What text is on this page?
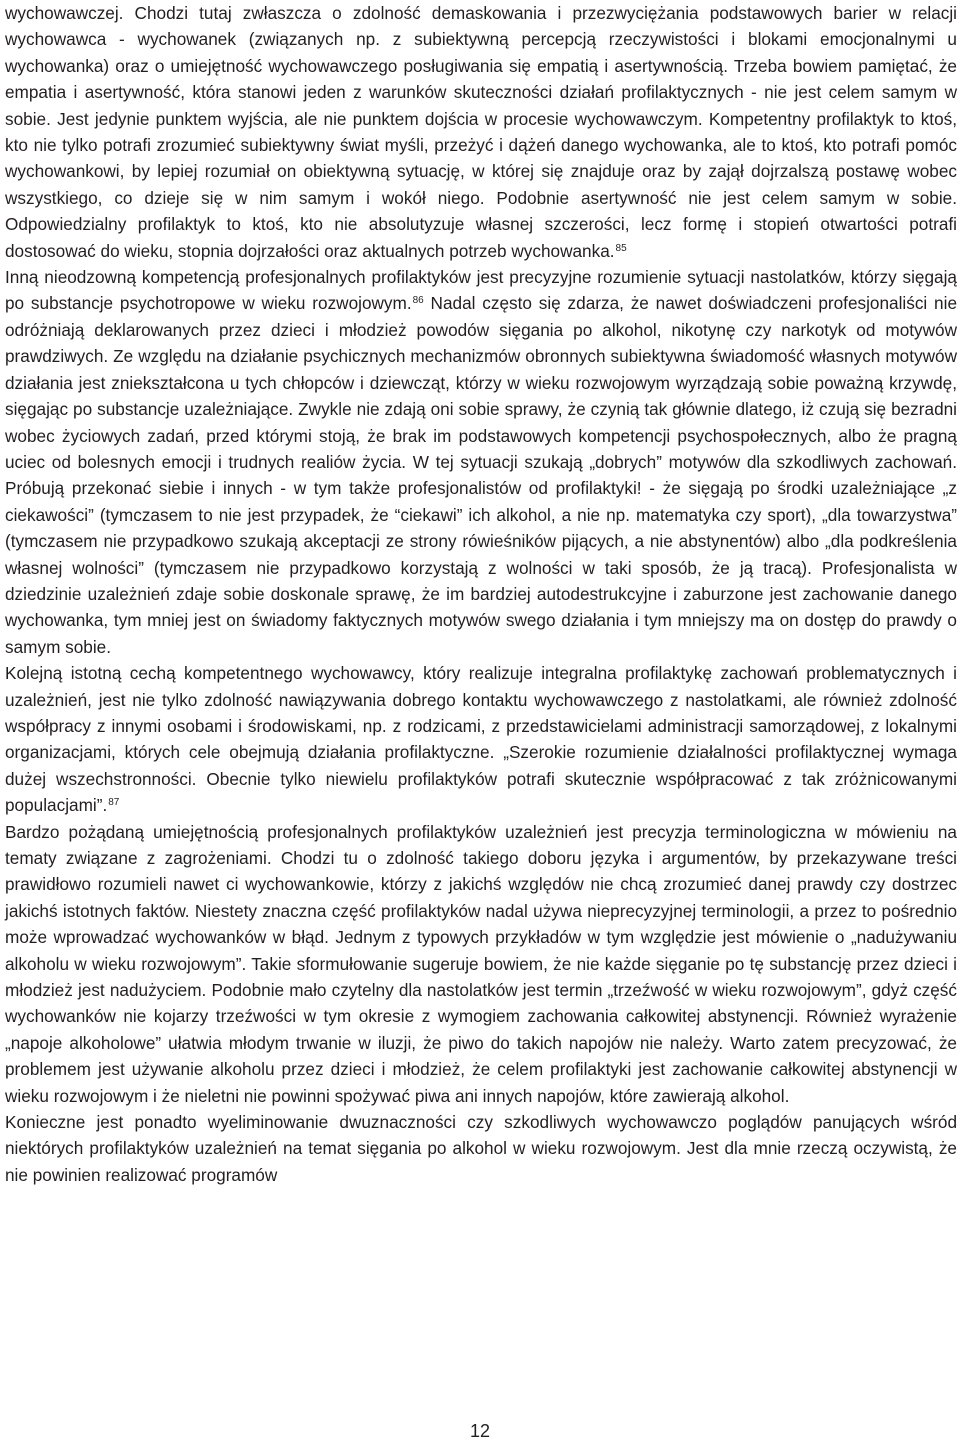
wychowawczej. Chodzi tutaj zwłaszcza o zdolność demaskowania i przezwyciężania podstawowych barier w relacji wychowawca - wychowanek (związanych np. z subiektywną percepcją rzeczywistości i blokami emocjonalnymi u wychowanka) oraz o umiejętność wychowawczego posługiwania się empatią i asertywnością. Trzeba bowiem pamiętać, że empatia i asertywność, która stanowi jeden z warunków skuteczności działań profilaktycznych - nie jest celem samym w sobie. Jest jedynie punktem wyjścia, ale nie punktem dojścia w procesie wychowawczym. Kompetentny profilaktyk to ktoś, kto nie tylko potrafi zrozumieć subiektywny świat myśli, przeżyć i dążeń danego wychowanka, ale to ktoś, kto potrafi pomóc wychowankowi, by lepiej rozumiał on obiektywną sytuację, w której się znajduje oraz by zajął dojrzalszą postawę wobec wszystkiego, co dzieje się w nim samym i wokół niego. Podobnie asertywność nie jest celem samym w sobie. Odpowiedzialny profilaktyk to ktoś, kto nie absolutyzuje własnej szczerości, lecz formę i stopień otwartości potrafi dostosować do wieku, stopnia dojrzałości oraz aktualnych potrzeb wychowanka.$^{85}$

Inną nieodzowną kompetencją profesjonalnych profilaktyków jest precyzyjne rozumienie sytuacji nastolatków, którzy sięgają po substancje psychotropowe w wieku rozwojowym.$^{86}$ Nadal często się zdarza, że nawet doświadczeni profesjonaliści nie odróżniają deklarowanych przez dzieci i młodzież powodów sięgania po alkohol, nikotynę czy narkotyk od motywów prawdziwych. Ze względu na działanie psychicznych mechanizmów obronnych subiektywna świadomość własnych motywów działania jest zniekształcona u tych chłopców i dziewcząt, którzy w wieku rozwojowym wyrządzają sobie poważną krzywdę, sięgając po substancje uzależniające. Zwykle nie zdają oni sobie sprawy, że czynią tak głównie dlatego, iż czują się bezradni wobec życiowych zadań, przed którymi stoją, że brak im podstawowych kompetencji psychospołecznych, albo że pragną uciec od bolesnych emocji i trudnych realiów życia. W tej sytuacji szukają „dobrych” motywów dla szkodliwych zachowań. Próbują przekonać siebie i innych - w tym także profesjonalistów od profilaktyki! - że sięgają po środki uzależniające „z ciekawości” (tymczasem to nie jest przypadek, że “ciekawi” ich alkohol, a nie np. matematyka czy sport), „dla towarzystwa” (tymczasem nie przypadkowo szukają akceptacji ze strony rówieśników pijących, a nie abstynentów) albo „dla podkreślenia własnej wolności” (tymczasem nie przypadkowo korzystają z wolności w taki sposób, że ją tracą). Profesjonalista w dziedzinie uzależnień zdaje sobie doskonale sprawę, że im bardziej autodestrukcyjne i zaburzone jest zachowanie danego wychowanka, tym mniej jest on świadomy faktycznych motywów swego działania i tym mniejszy ma on dostęp do prawdy o samym sobie.

Kolejną istotną cechą kompetentnego wychowawcy, który realizuje integralna profilaktykę zachowań problematycznych i uzależnień, jest nie tylko zdolność nawiązywania dobrego kontaktu wychowawczego z nastolatkami, ale również zdolność współpracy z innymi osobami i środowiskami, np. z rodzicami, z przedstawicielami administracji samorządowej, z lokalnymi organizacjami, których cele obejmują działania profilaktyczne. „Szerokie rozumienie działalności profilaktycznej wymaga dużej wszechstronności. Obecnie tylko niewielu profilaktyków potrafi skutecznie współpracować z tak zróżnicowanymi populacjami”.$^{87}$

Bardzo pożądaną umiejętnością profesjonalnych profilaktyków uzależnień jest precyzja terminologiczna w mówieniu na tematy związane z zagrożeniami. Chodzi tu o zdolność takiego doboru języka i argumentów, by przekazywane treści prawidłowo rozumieli nawet ci wychowankowie, którzy z jakichś względów nie chcą zrozumieć danej prawdy czy dostrzec jakichś istotnych faktów. Niestety znaczna część profilaktyków nadal używa nieprecyzyjnej terminologii, a przez to pośrednio może wprowadzać wychowanków w błąd. Jednym z typowych przykładów w tym względzie jest mówienie o „nadużywaniu alkoholu w wieku rozwojowym”. Takie sformułowanie sugeruje bowiem, że nie każde sięganie po tę substancję przez dzieci i młodzież jest nadużyciem. Podobnie mało czytelny dla nastolatków jest termin „trzeźwość w wieku rozwojowym”, gdyż część wychowanków nie kojarzy trzeźwości w tym okresie z wymogiem zachowania całkowitej abstynencji. Również wyrażenie „napoje alkoholowe” ułatwia młodym trwanie w iluzji, że piwo do takich napojów nie należy. Warto zatem precyzować, że problemem jest używanie alkoholu przez dzieci i młodzież, że celem profilaktyki jest zachowanie całkowitej abstynencji w wieku rozwojowym i że nieletni nie powinni spożywać piwa ani innych napojów, które zawierają alkohol.

Konieczne jest ponadto wyeliminowanie dwuznaczności czy szkodliwych wychowawczo poglądów panujących wśród niektórych profilaktyków uzależnień na temat sięgania po alkohol w wieku rozwojowym. Jest dla mnie rzeczą oczywistą, że nie powinien realizować programów

12
